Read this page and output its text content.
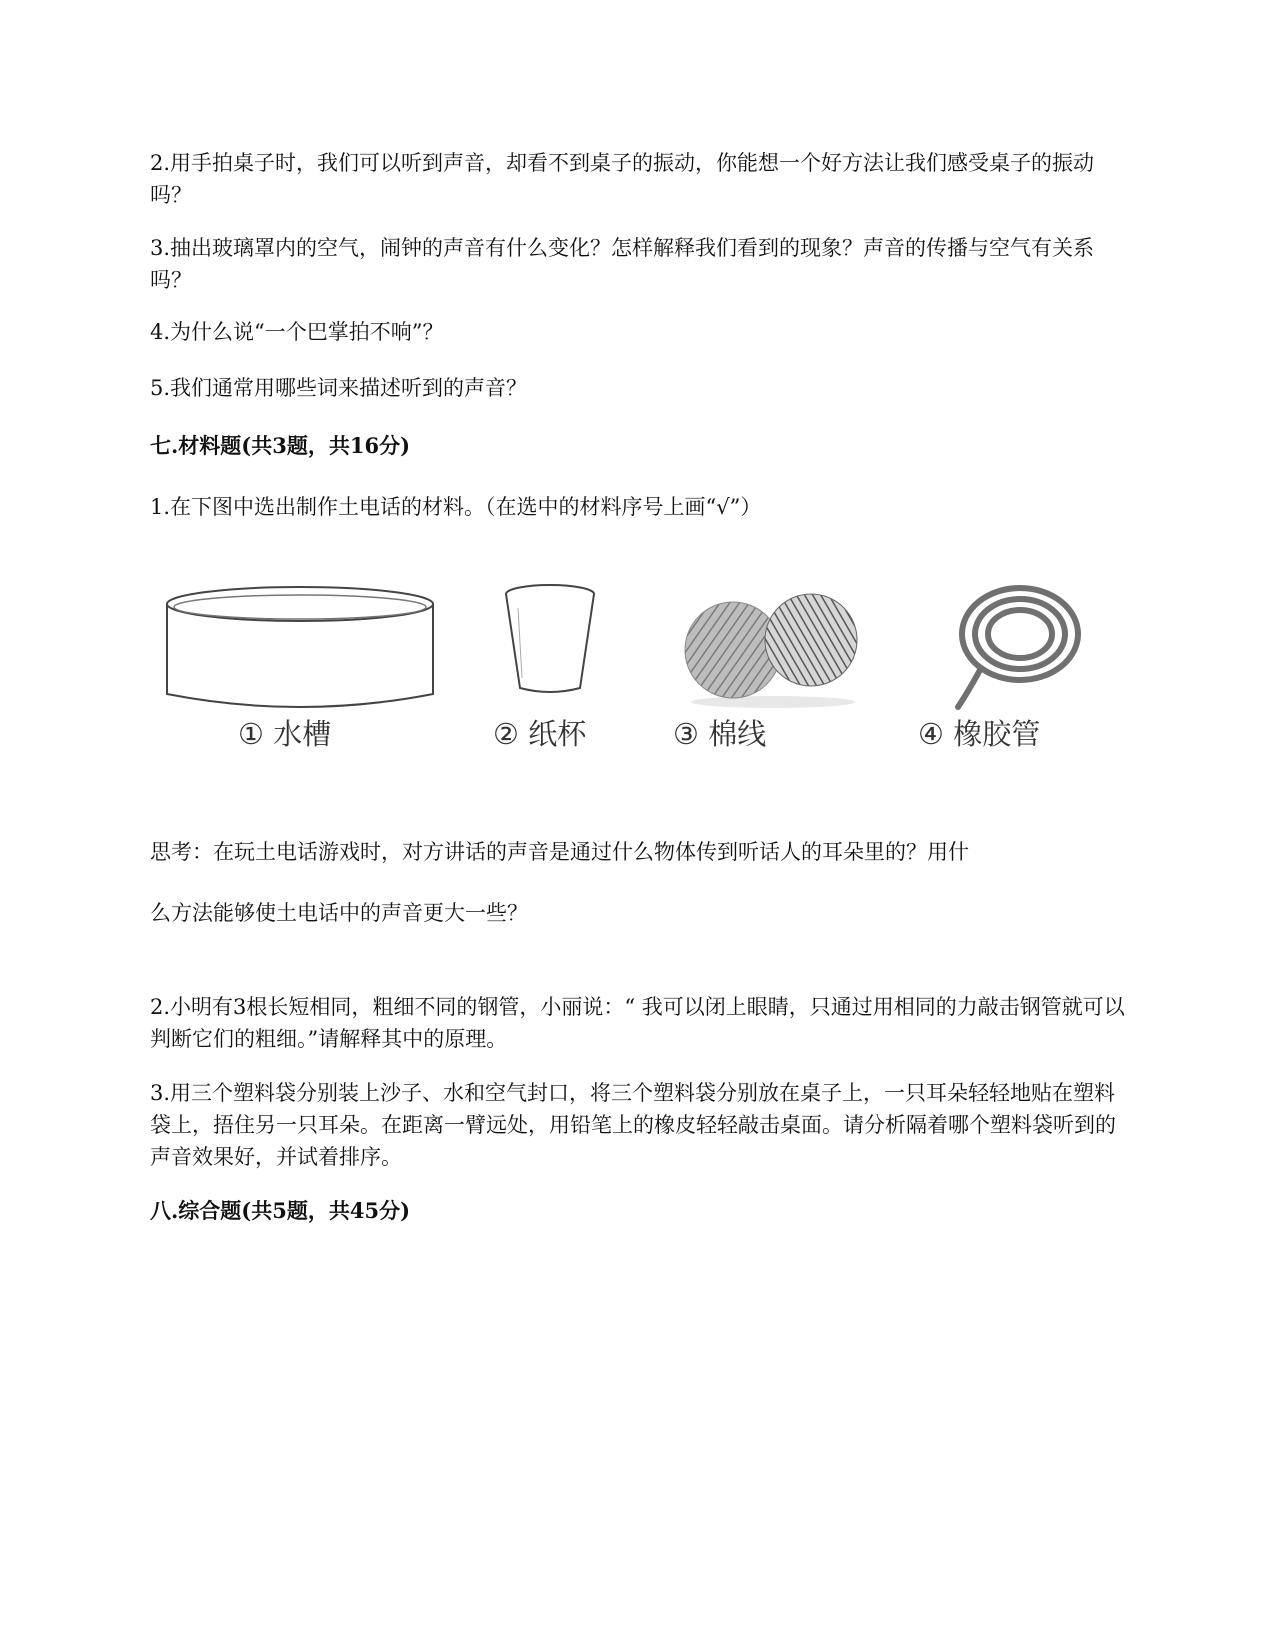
2.用手拍桌子时，我们可以听到声音，却看不到桌子的振动，你能想一个好方法让我们感受桌子的振动吗？

3.抽出玻璃罩内的空气，闹钟的声音有什么变化？怎样解释我们看到的现象？声音的传播与空气有关系吗？

4.为什么说“一个巴掌拍不响”？

5.我们通常用哪些词来描述听到的声音？

七.材料题(共3题，共16分)

1.在下图中选出制作土电话的材料。（在选中的材料序号上画“√”）

① 水槽	② 纸杯	③ 棉线	④ 橡胶管

思考：在玩土电话游戏时，对方讲话的声音是通过什么物体传到听话人的耳朵里的？用什

么方法能够使土电话中的声音更大一些？

2.小明有3根长短相同，粗细不同的钢管，小丽说：“ 我可以闭上眼睛，只通过用相同的力敲击钢管就可以判断它们的粗细。”请解释其中的原理。

3.用三个塑料袋分别装上沙子、水和空气封口，将三个塑料袋分别放在桌子上，一只耳朵轻轻地贴在塑料袋上，捂住另一只耳朵。在距离一臂远处，用铅笔上的橡皮轻轻敲击桌面。请分析隔着哪个塑料袋听到的声音效果好，并试着排序。

八.综合题(共5题，共45分)
